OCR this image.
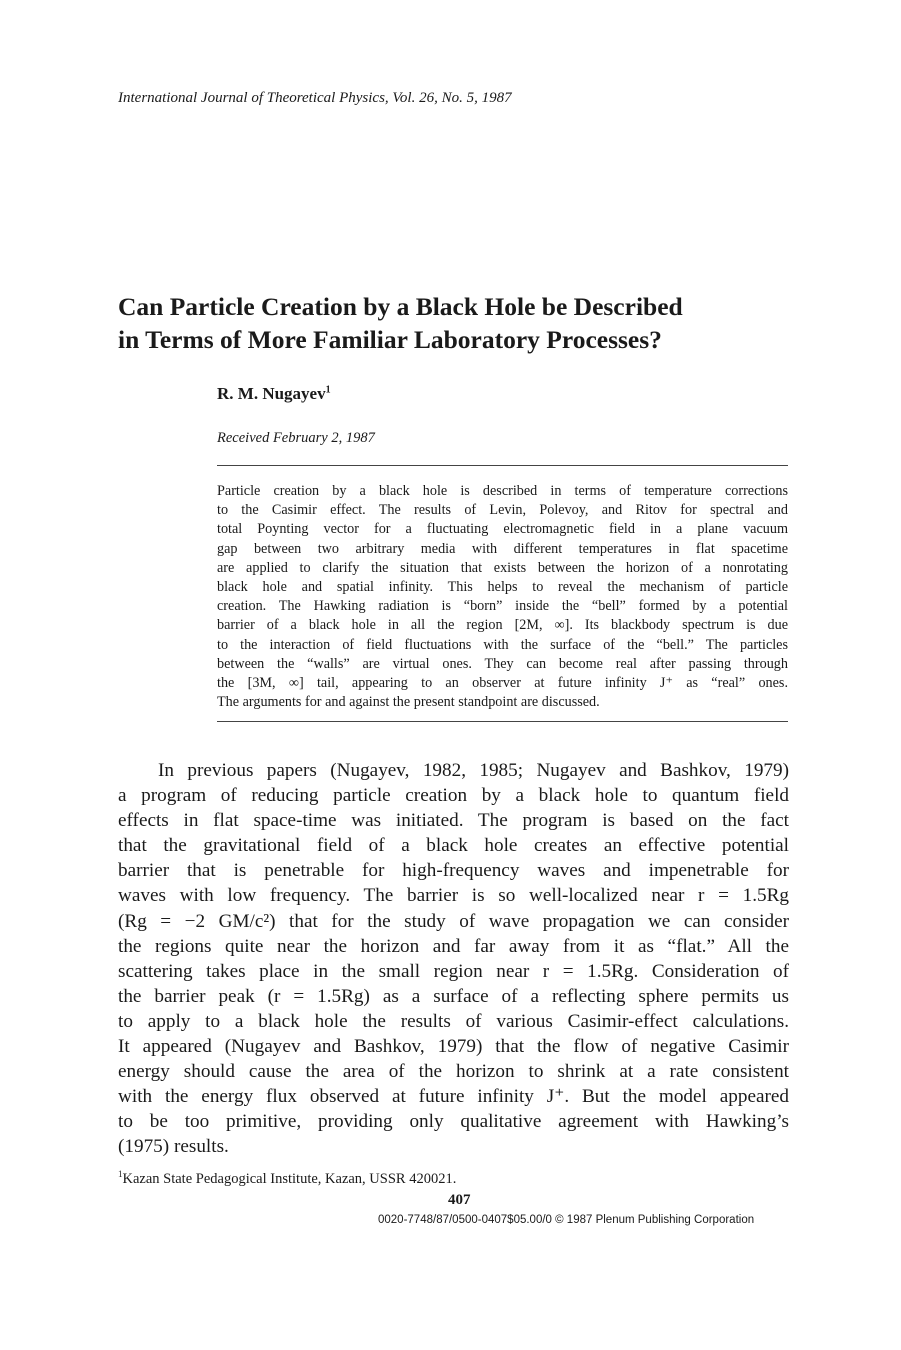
International Journal of Theoretical Physics, Vol. 26, No. 5, 1987
Can Particle Creation by a Black Hole be Described
in Terms of More Familiar Laboratory Processes?
R. M. Nugayev$^1$
Received February 2, 1987
Particle creation by a black hole is described in terms of temperature corrections
to the Casimir effect. The results of Levin, Polevoy, and Ritov for spectral and
total Poynting vector for a fluctuating electromagnetic field in a plane vacuum
gap between two arbitrary media with different temperatures in flat spacetime
are applied to clarify the situation that exists between the horizon of a nonrotating
black hole and spatial infinity. This helps to reveal the mechanism of particle
creation. The Hawking radiation is “born” inside the “bell” formed by a potential
barrier of a black hole in all the region [2M, ∞]. Its blackbody spectrum is due
to the interaction of field fluctuations with the surface of the “bell.” The particles
between the “walls” are virtual ones. They can become real after passing through
the [3M, ∞] tail, appearing to an observer at future infinity J⁺ as “real” ones.
The arguments for and against the present standpoint are discussed.
In previous papers (Nugayev, 1982, 1985; Nugayev and Bashkov, 1979)
a program of reducing particle creation by a black hole to quantum field
effects in flat space-time was initiated. The program is based on the fact
that the gravitational field of a black hole creates an effective potential
barrier that is penetrable for high-frequency waves and impenetrable for
waves with low frequency. The barrier is so well-localized near r = 1.5Rg
(Rg = −2 GM/c²) that for the study of wave propagation we can consider
the regions quite near the horizon and far away from it as “flat.” All the
scattering takes place in the small region near r = 1.5Rg. Consideration of
the barrier peak (r = 1.5Rg) as a surface of a reflecting sphere permits us
to apply to a black hole the results of various Casimir-effect calculations.
It appeared (Nugayev and Bashkov, 1979) that the flow of negative Casimir
energy should cause the area of the horizon to shrink at a rate consistent
with the energy flux observed at future infinity J⁺. But the model appeared
to be too primitive, providing only qualitative agreement with Hawking’s
(1975) results.
$^1$Kazan State Pedagogical Institute, Kazan, USSR 420021.
407
0020-7748/87/0500-0407$05.00/0 © 1987 Plenum Publishing Corporation
